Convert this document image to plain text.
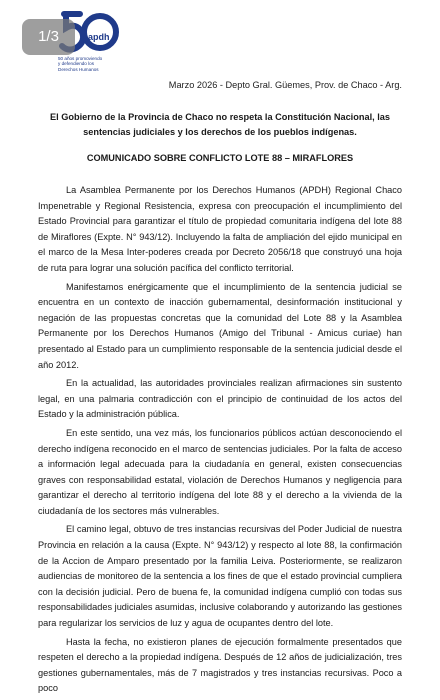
apdh
50 años promoviendo
y defendiendo los
Derechos Humanos
1/3
Marzo 2026 - Depto Gral. Güemes, Prov. de Chaco - Arg.
El Gobierno de la Provincia de Chaco no respeta la Constitución Nacional, las sentencias judiciales y los derechos de los pueblos indígenas.
COMUNICADO SOBRE CONFLICTO LOTE 88 – MIRAFLORES

La Asamblea Permanente por los Derechos Humanos (APDH) Regional Chaco Impenetrable y Regional Resistencia, expresa con preocupación el incumplimiento del Estado Provincial para garantizar el título de propiedad comunitaria indígena del lote 88 de Miraflores (Expte. N° 943/12). Incluyendo la falta de ampliación del ejido municipal en el marco de la Mesa Inter-poderes creada por Decreto 2056/18 que construyó una hoja de ruta para lograr una solución pacífica del conflicto territorial.

Manifestamos enérgicamente que el incumplimiento de la sentencia judicial se encuentra en un contexto de inacción gubernamental, desinformación institucional y negación de las propuestas concretas que la comunidad del Lote 88 y la Asamblea Permanente por los Derechos Humanos (Amigo del Tribunal - Amicus curiae) han presentado al Estado para un cumplimiento responsable de la sentencia judicial desde el año 2012.

En la actualidad, las autoridades provinciales realizan afirmaciones sin sustento legal, en una palmaria contradicción con el principio de continuidad de los actos del Estado y la administración pública.

En este sentido, una vez más, los funcionarios públicos actúan desconociendo el derecho indígena reconocido en el marco de sentencias judiciales. Por la falta de acceso a información legal adecuada para la ciudadanía en general, existen consecuencias graves con responsabilidad estatal, violación de Derechos Humanos y negligencia para garantizar el derecho al territorio indígena del lote 88 y el derecho a la vivienda de la ciudadanía de los sectores más vulnerables.

El camino legal, obtuvo de tres instancias recursivas del Poder Judicial de nuestra Provincia en relación a la causa (Expte. N° 943/12) y respecto al lote 88, la confirmación de la Accion de Amparo presentado por la familia Leiva. Posteriormente, se realizaron audiencias de monitoreo de la sentencia a los fines de que el estado provincial cumpliera con la decisión judicial. Pero de buena fe, la comunidad indígena cumplió con todas sus responsabilidades judiciales asumidas, inclusive colaborando y autorizando las gestiones para regularizar los servicios de luz y agua de ocupantes dentro del lote.

Hasta la fecha, no existieron planes de ejecución formalmente presentados que respeten el derecho a la propiedad indígena. Después de 12 años de judicialización, tres gestiones gubernamentales, más de 7 magistrados y tres instancias recursivas. Poco a poco
